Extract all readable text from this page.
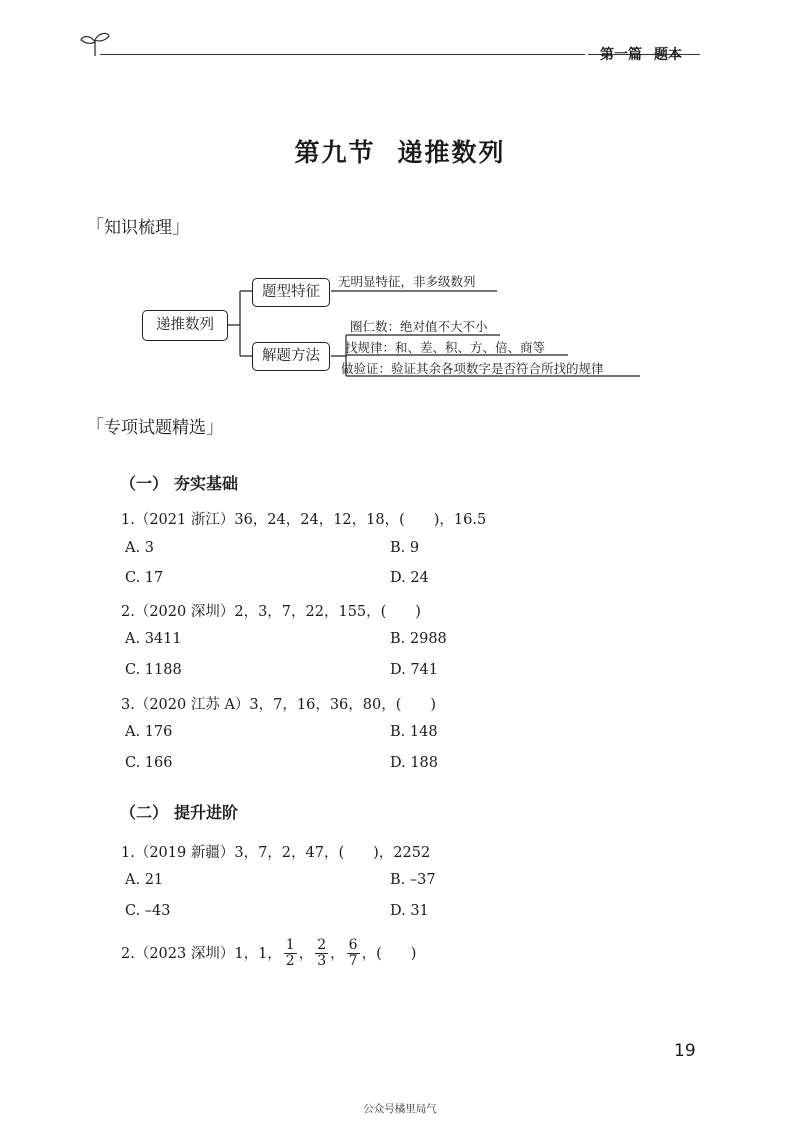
第一篇 题本
第九节 递推数列
「知识梳理」
递推数列
题型特征
解题方法
无明显特征，非多级数列
圈仁数：绝对值不大不小
找规律：和、差、积、方、倍、商等
做验证：验证其余各项数字是否符合所找的规律
「专项试题精选」
（一） 夯实基础
1.（2021 浙江）36，24，24，12，18，(　　)，16.5
A. 3	B. 9
C. 17	D. 24
2.（2020 深圳）2，3，7，22，155，(　　)
A. 3411	B. 2988
C. 1188	D. 741
3.（2020 江苏 A）3，7，16，36，80，(　　)
A. 176	B. 148
C. 166	D. 188
（二） 提升进阶
1.（2019 新疆）3，7，2，47，(　　)，2252
A. 21	B. –37
C. –43	D. 31
2.（2023 深圳）1，1， $\frac{1}{2}$ ， $\frac{2}{3}$ ， $\frac{6}{7}$ ，(　　)
19
公众号橘里局气
